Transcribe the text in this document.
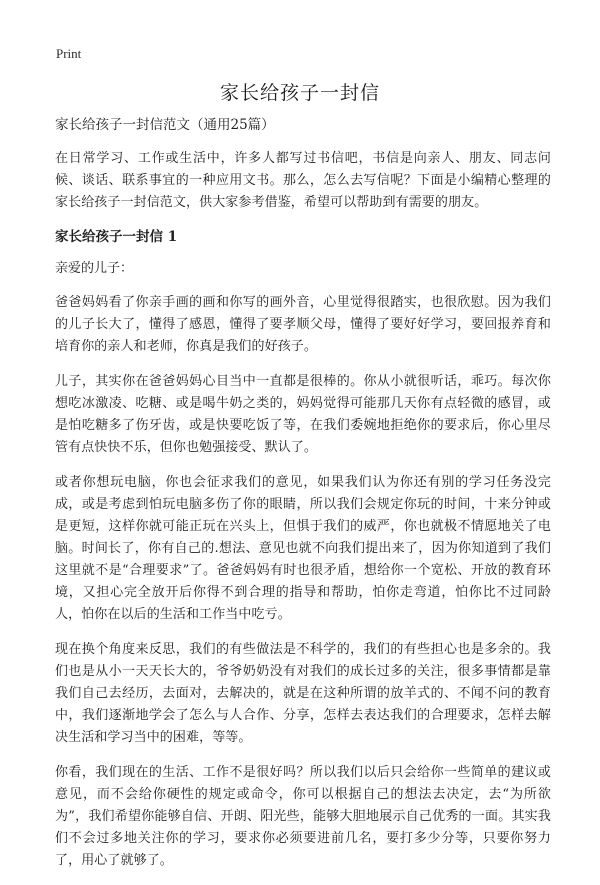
Print
家长给孩子一封信
家长给孩子一封信范文（通用25篇）

在日常学习、工作或生活中，许多人都写过书信吧，书信是向亲人、朋友、同志问候、谈话、联系事宜的一种应用文书。那么，怎么去写信呢？下面是小编精心整理的家长给孩子一封信范文，供大家参考借鉴，希望可以帮助到有需要的朋友。

家长给孩子一封信 1
亲爱的儿子：

爸爸妈妈看了你亲手画的画和你写的画外音，心里觉得很踏实，也很欣慰。因为我们的儿子长大了，懂得了感恩，懂得了要孝顺父母，懂得了要好好学习，要回报养育和培育你的亲人和老师，你真是我们的好孩子。

儿子，其实你在爸爸妈妈心目当中一直都是很棒的。你从小就很听话，乖巧。每次你想吃冰激凌、吃糖、或是喝牛奶之类的，妈妈觉得可能那几天你有点轻微的感冒，或是怕吃糖多了伤牙齿，或是快要吃饭了等，在我们委婉地拒绝你的要求后，你心里尽管有点快快不乐，但你也勉强接受、默认了。

或者你想玩电脑，你也会征求我们的意见，如果我们认为你还有别的学习任务没完成，或是考虑到怕玩电脑多伤了你的眼睛，所以我们会规定你玩的时间，十来分钟或是更短，这样你就可能正玩在兴头上，但惧于我们的威严，你也就极不情愿地关了电脑。时间长了，你有自己的.想法、意见也就不向我们提出来了，因为你知道到了我们这里就不是“合理要求”了。爸爸妈妈有时也很矛盾，想给你一个宽松、开放的教育环境，又担心完全放开后你得不到合理的指导和帮助，怕你走弯道，怕你比不过同龄人，怕你在以后的生活和工作当中吃亏。

现在换个角度来反思，我们的有些做法是不科学的，我们的有些担心也是多余的。我们也是从小一天天长大的，爷爷奶奶没有对我们的成长过多的关注，很多事情都是靠我们自己去经历，去面对，去解决的，就是在这种所谓的放羊式的、不闻不问的教育中，我们逐渐地学会了怎么与人合作、分享，怎样去表达我们的合理要求，怎样去解决生活和学习当中的困难，等等。

你看，我们现在的生活、工作不是很好吗？所以我们以后只会给你一些简单的建议或意见，而不会给你硬性的规定或命令，你可以根据自己的想法去决定，去“为所欲为”，我们希望你能够自信、开朗、阳光些，能够大胆地展示自己优秀的一面。其实我们不会过多地关注你的学习，要求你必须要进前几名，要打多少分等，只要你努力了，用心了就够了。
